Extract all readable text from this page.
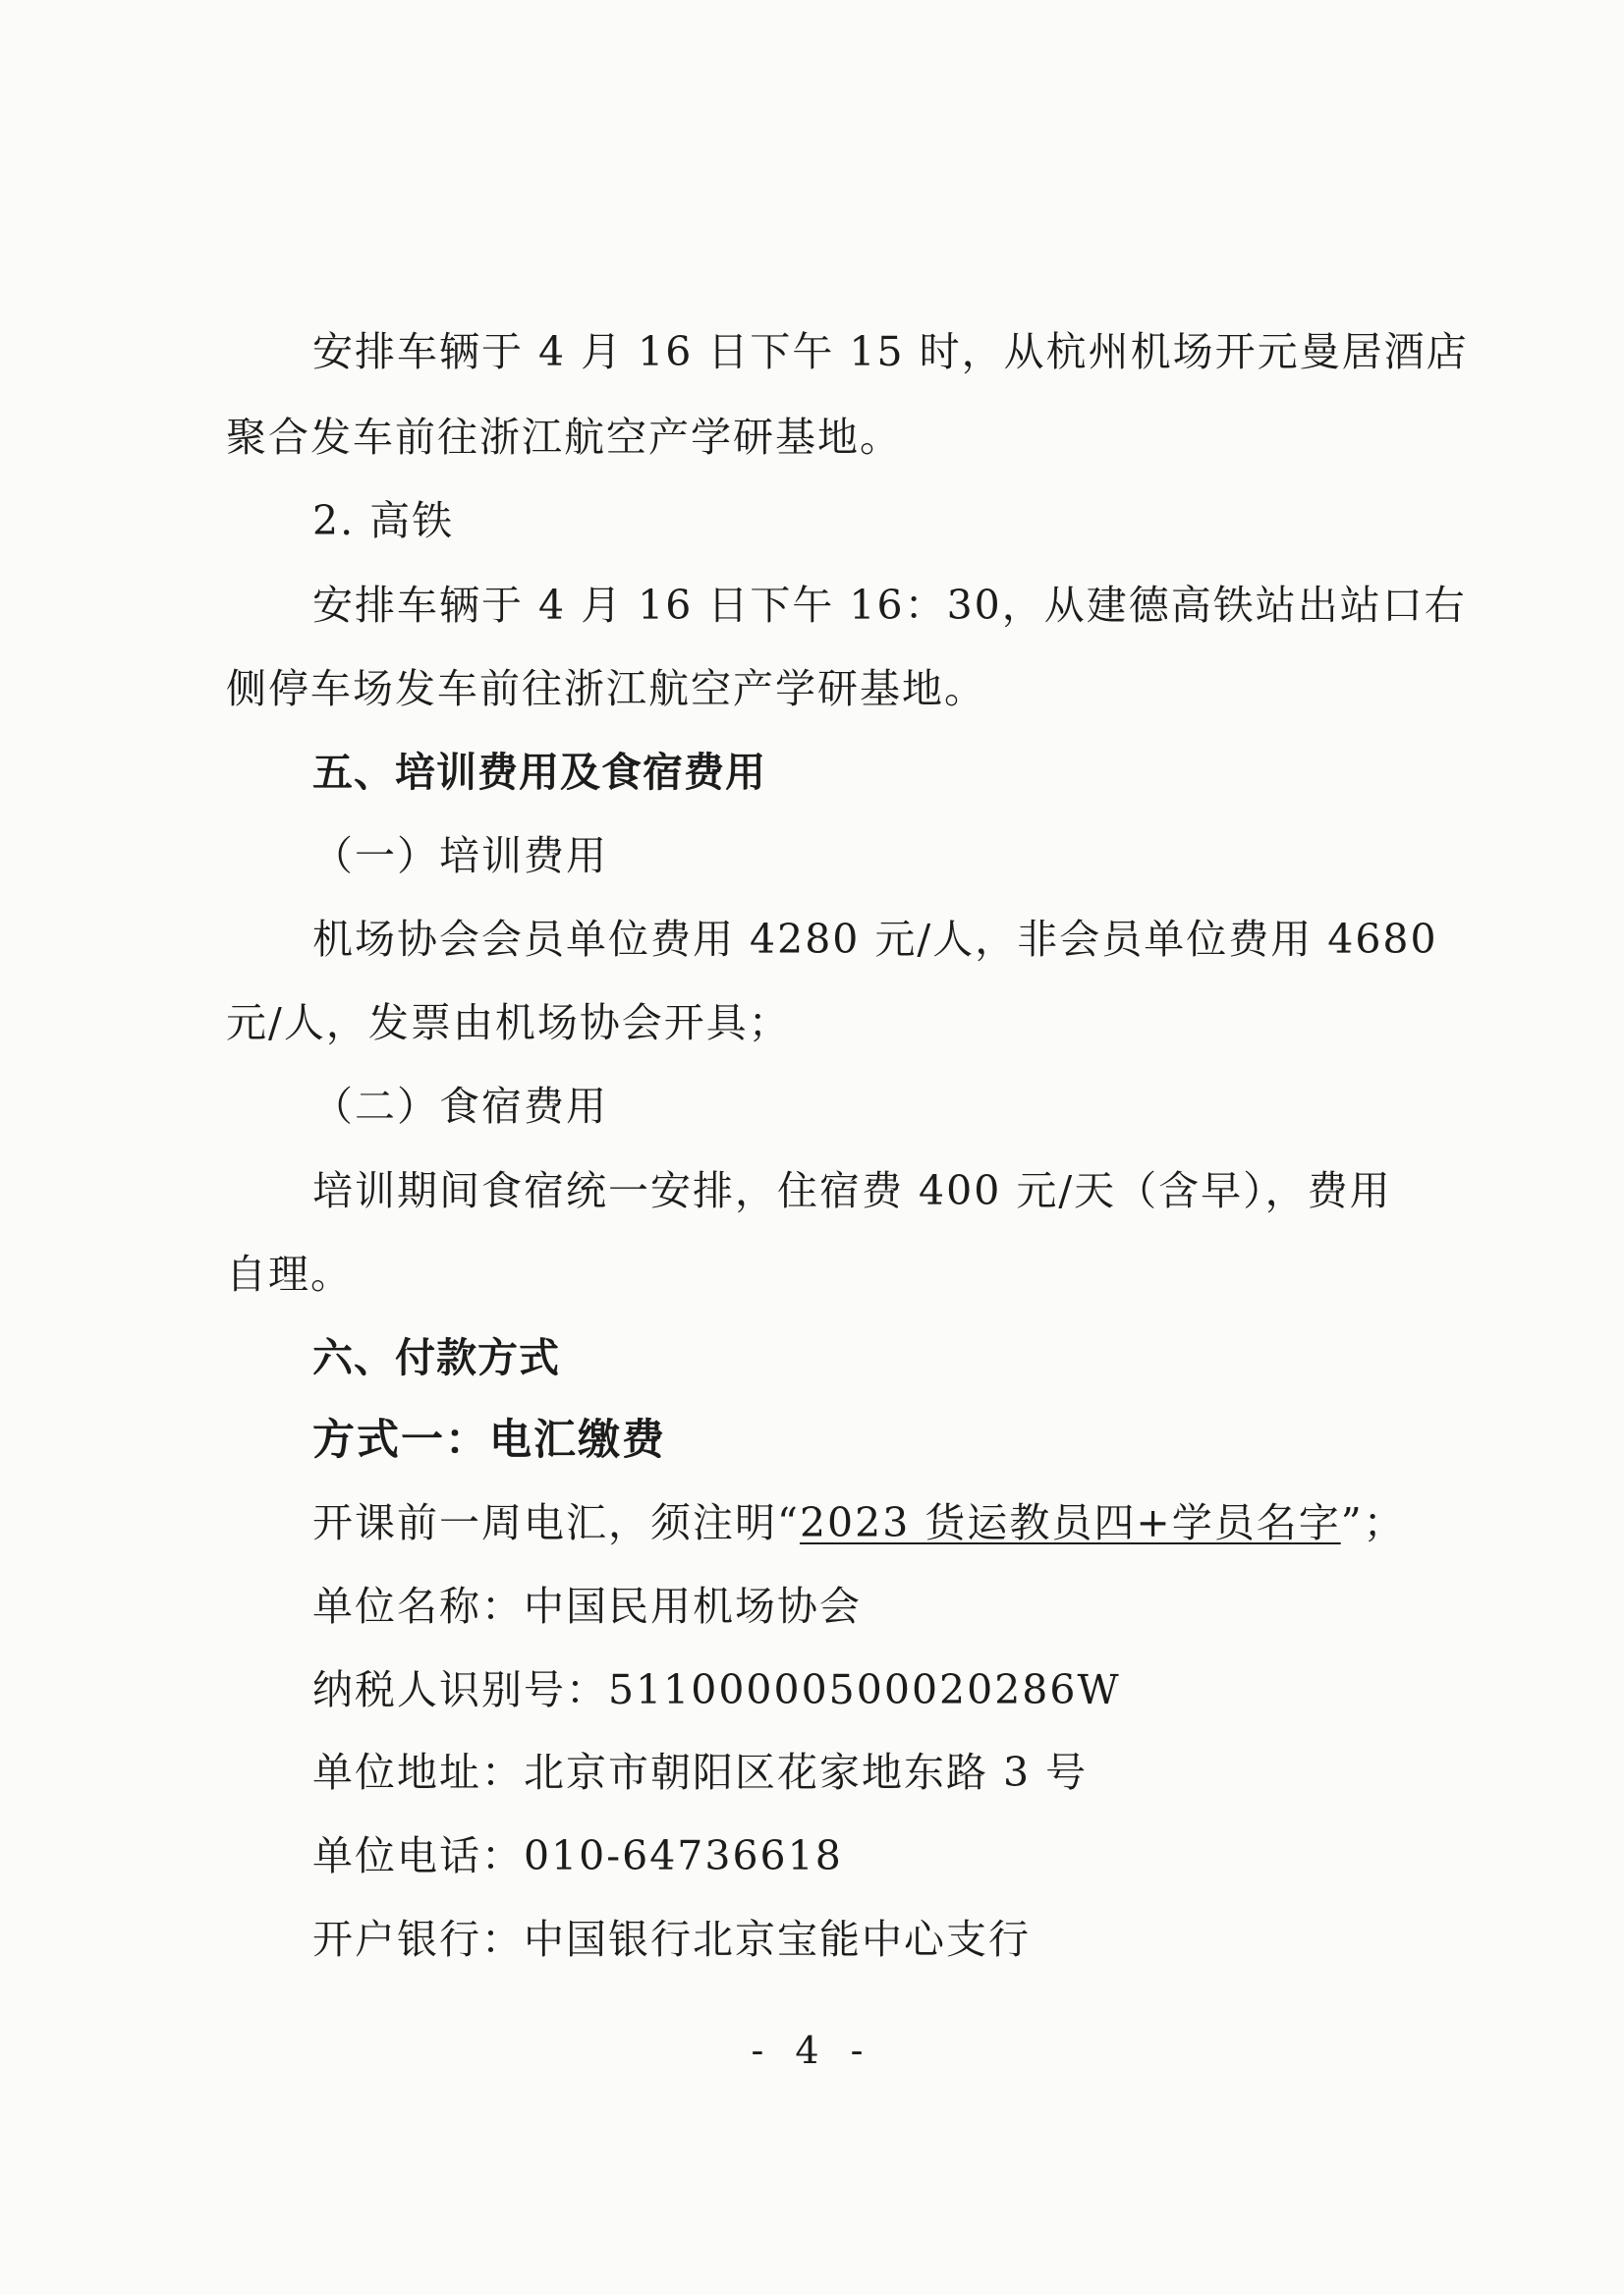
安排车辆于 4 月 16 日下午 15 时，从杭州机场开元曼居酒店
聚合发车前往浙江航空产学研基地。
2. 高铁
安排车辆于 4 月 16 日下午 16：30，从建德高铁站出站口右
侧停车场发车前往浙江航空产学研基地。
五、培训费用及食宿费用
（一）培训费用
机场协会会员单位费用 4280 元/人，非会员单位费用 4680
元/人，发票由机场协会开具；
（二）食宿费用
培训期间食宿统一安排，住宿费 400 元/天（含早），费用
自理。
六、付款方式
方式一：电汇缴费
开课前一周电汇，须注明“2023 货运教员四+学员名字”；
单位名称：中国民用机场协会
纳税人识别号：51100000500020286W
单位地址：北京市朝阳区花家地东路 3 号
单位电话：010-64736618
开户银行：中国银行北京宝能中心支行
- 4 -
